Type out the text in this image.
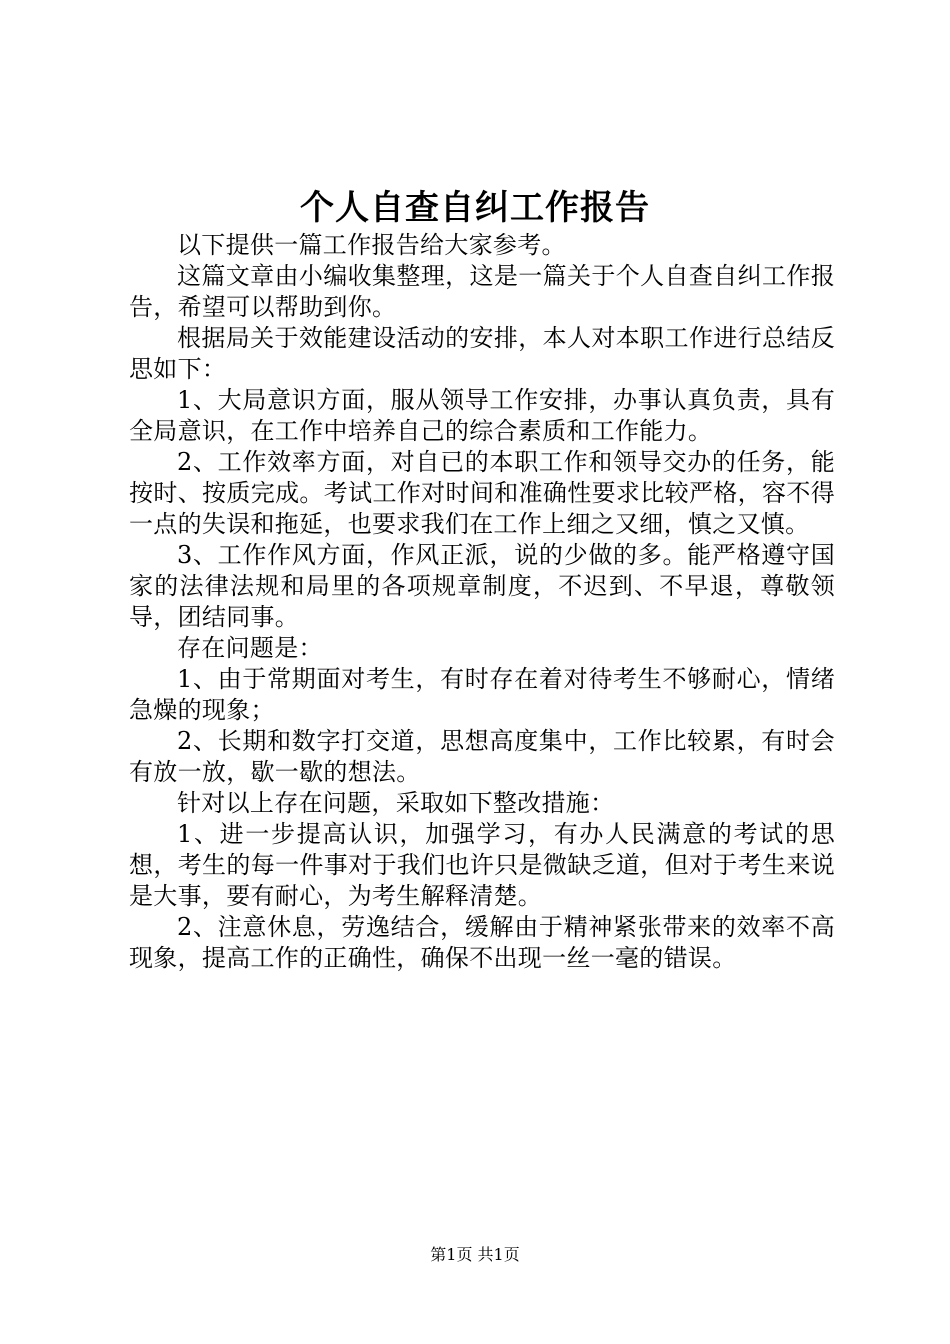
个人自查自纠工作报告

以下提供一篇工作报告给大家参考。

这篇文章由小编收集整理，这是一篇关于个人自查自纠工作报告，希望可以帮助到你。

根据局关于效能建设活动的安排，本人对本职工作进行总结反思如下：

1、大局意识方面，服从领导工作安排，办事认真负责，具有全局意识，在工作中培养自己的综合素质和工作能力。

2、工作效率方面，对自已的本职工作和领导交办的任务，能按时、按质完成。考试工作对时间和准确性要求比较严格，容不得一点的失误和拖延，也要求我们在工作上细之又细，慎之又慎。

3、工作作风方面，作风正派，说的少做的多。能严格遵守国家的法律法规和局里的各项规章制度，不迟到、不早退，尊敬领导，团结同事。

存在问题是：

1、由于常期面对考生，有时存在着对待考生不够耐心，情绪急燥的现象；

2、长期和数字打交道，思想高度集中，工作比较累，有时会有放一放，歇一歇的想法。

针对以上存在问题，采取如下整改措施：

1、进一步提高认识，加强学习，有办人民满意的考试的思想，考生的每一件事对于我们也许只是微缺乏道，但对于考生来说是大事，要有耐心，为考生解释清楚。

2、注意休息，劳逸结合，缓解由于精神紧张带来的效率不高现象，提高工作的正确性，确保不出现一丝一毫的错误。

第1页 共1页
